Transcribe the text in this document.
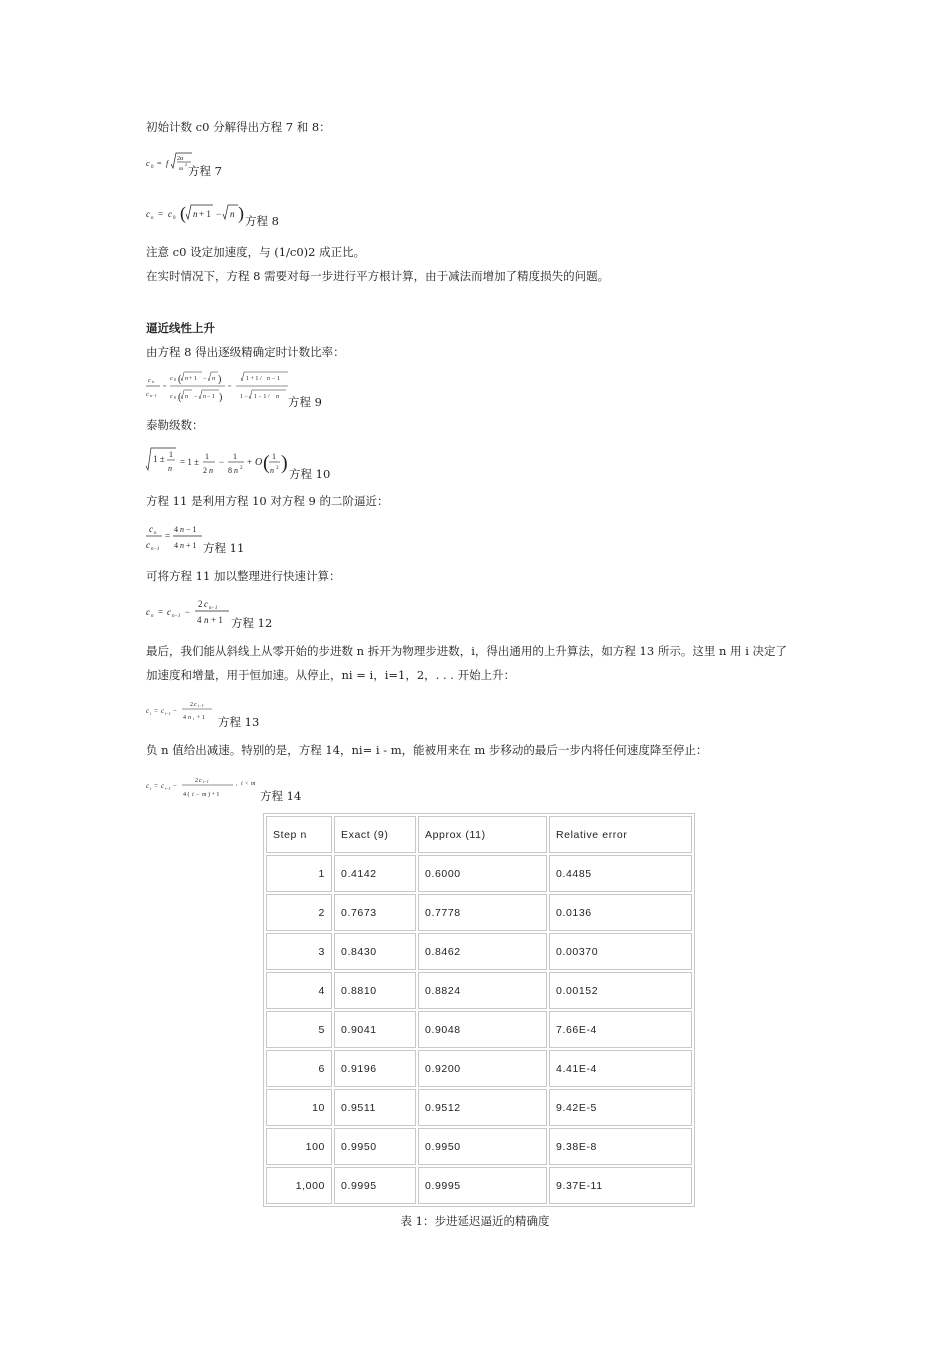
初始计数 c0 分解得出方程 7 和 8：
c 0 = f 2α
ω
2 方程 7
c n = c 0 ( n + 1 − n ) 方程 8
注意 c0 设定加速度，与 (1/c0)2 成正比。
在实时情况下，方程 8 需要对每一步进行平方根计算，由于减法而增加了精度损失的问题。
逼近线性上升
由方程 8 得出逐级精确定时计数比率：
c n
c n−1
=
c 0 ( n + 1 − n )
c 0 ( n − n − 1 )
=
1 + 1 / n − 1
1 − 1 − 1 / n 方程 9
泰勒级数：
1 ± 1
n
= 1 ±
1
2 n
−
1
8 n 2
+ O ( 1
n 3 ) 方程 10
方程 11 是利用方程 10 对方程 9 的二阶逼近：
c n
c n−1
=
4 n − 1
4 n + 1 方程 11
可将方程 11 加以整理进行快速计算：
c n = c n−1 −
2 c n−1
4 n + 1 方程 12
最后，我们能从斜线上从零开始的步进数 n 拆开为物理步进数，i，得出通用的上升算法，如方程 13 所示。这里 n 用 i 决定了
加速度和增量，用于恒加速。从停止，ni = i，i=1，2，. . . 开始上升：
c i = c i−1 −
2 c i−1
4 n i + 1 方程 13
负 n 值给出减速。特别的是，方程 14，ni= i - m，能被用来在 m 步移动的最后一步内将任何速度降至停止：
c i = c i−1 −
2 c i−1
4 ( i − m ) + 1
, i < m
方程 14
Step n	Exact (9)	Approx (11)	Relative error
1	0.4142	0.6000	0.4485
2	0.7673	0.7778	0.0136
3	0.8430	0.8462	0.00370
4	0.8810	0.8824	0.00152
5	0.9041	0.9048	7.66E-4
6	0.9196	0.9200	4.41E-4
10	0.9511	0.9512	9.42E-5
100	0.9950	0.9950	9.38E-8
1,000	0.9995	0.9995	9.37E-11
表 1：步进延迟逼近的精确度
